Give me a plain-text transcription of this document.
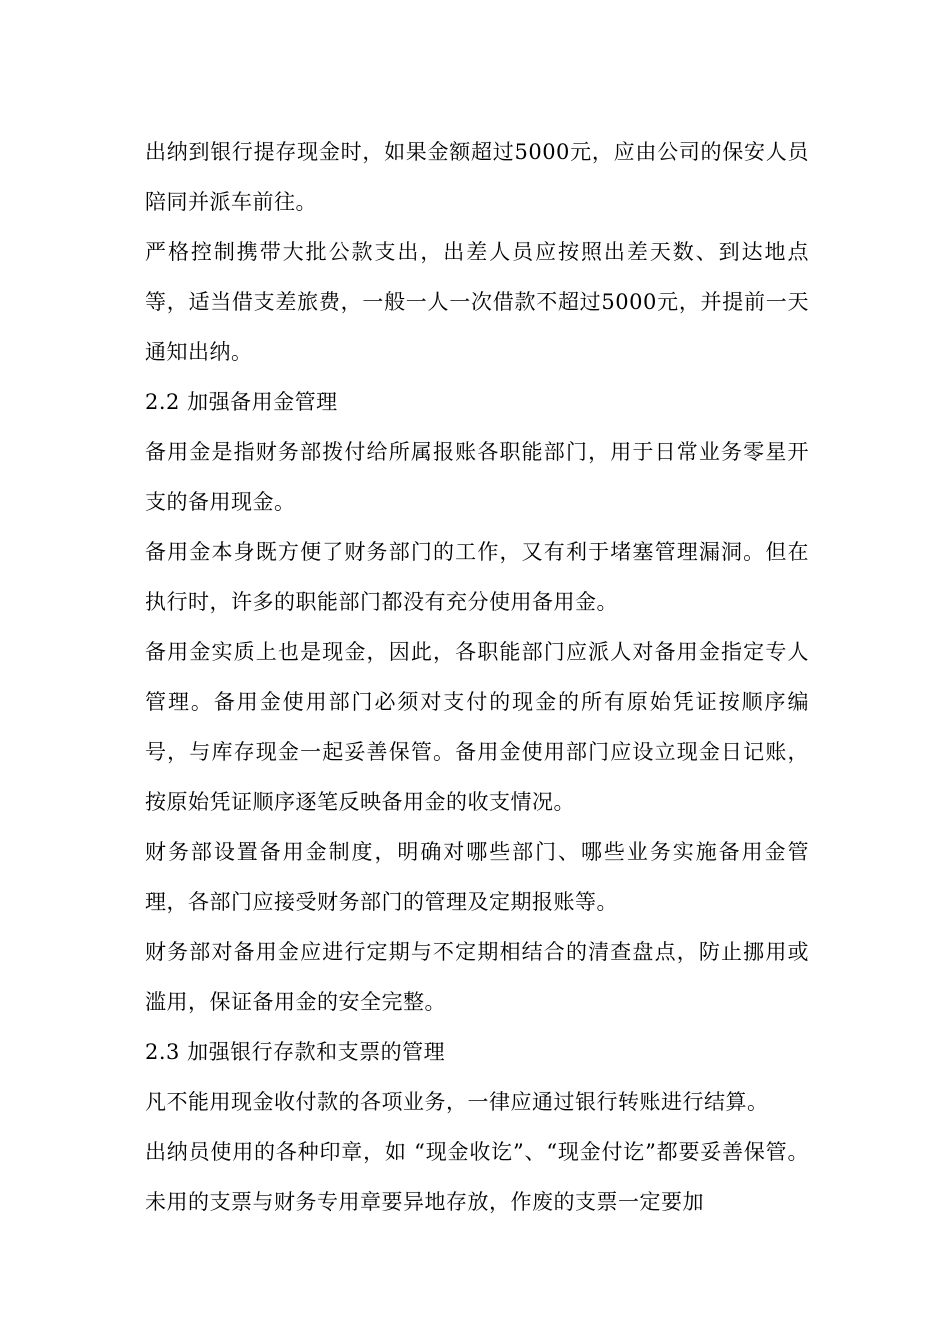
出纳到银行提存现金时，如果金额超过5000元，应由公司的保安人员陪同并派车前往。

严格控制携带大批公款支出，出差人员应按照出差天数、到达地点等，适当借支差旅费，一般一人一次借款不超过5000元，并提前一天通知出纳。

2.2 加强备用金管理

备用金是指财务部拨付给所属报账各职能部门，用于日常业务零星开支的备用现金。

备用金本身既方便了财务部门的工作，又有利于堵塞管理漏洞。但在执行时，许多的职能部门都没有充分使用备用金。

备用金实质上也是现金，因此，各职能部门应派人对备用金指定专人管理。备用金使用部门必须对支付的现金的所有原始凭证按顺序编号，与库存现金一起妥善保管。备用金使用部门应设立现金日记账，按原始凭证顺序逐笔反映备用金的收支情况。

财务部设置备用金制度，明确对哪些部门、哪些业务实施备用金管理，各部门应接受财务部门的管理及定期报账等。

财务部对备用金应进行定期与不定期相结合的清查盘点，防止挪用或滥用，保证备用金的安全完整。

2.3 加强银行存款和支票的管理

凡不能用现金收付款的各项业务，一律应通过银行转账进行结算。

出纳员使用的各种印章，如 “现金收讫”、“现金付讫”都要妥善保管。未用的支票与财务专用章要异地存放，作废的支票一定要加
